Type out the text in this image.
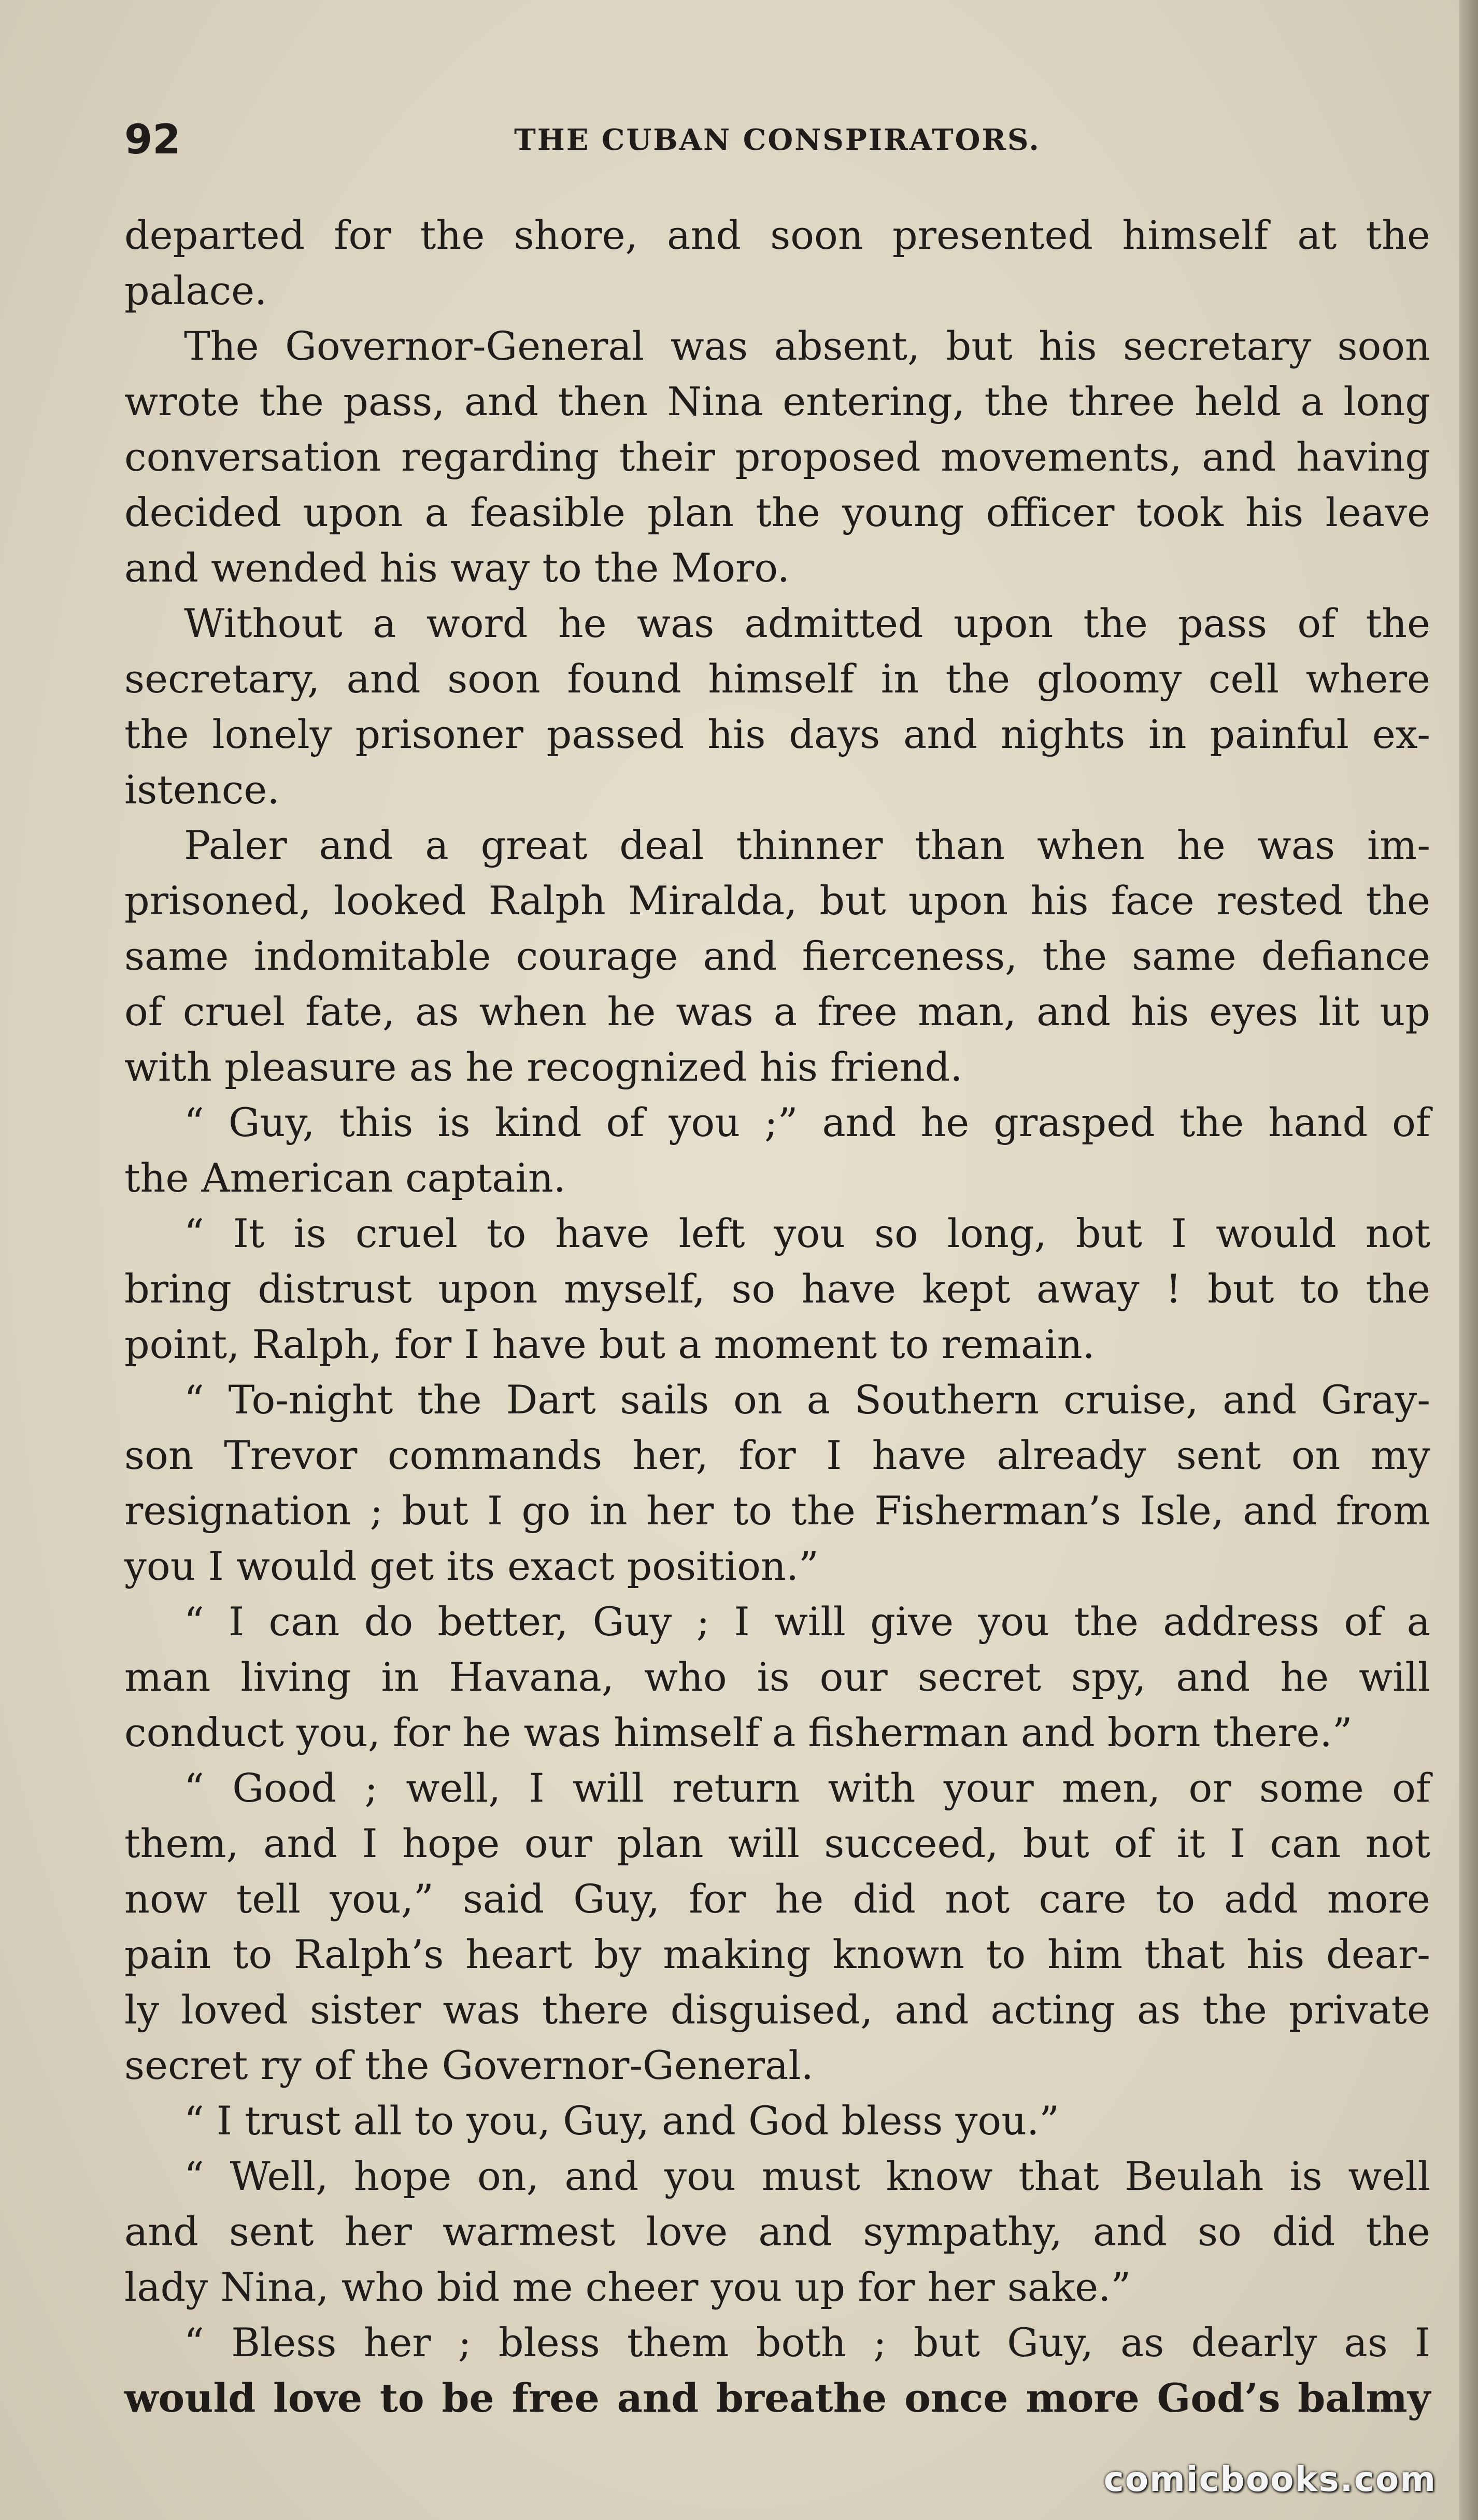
92	THE CUBAN CONSPIRATORS.
departed for the shore, and soon presented himself at the
palace.
The Governor-General was absent, but his secretary soon
wrote the pass, and then Nina entering, the three held a long
conversation regarding their proposed movements, and having
decided upon a feasible plan the young officer took his leave
and wended his way to the Moro.
Without a word he was admitted upon the pass of the
secretary, and soon found himself in the gloomy cell where
the lonely prisoner passed his days and nights in painful ex-
istence.
Paler and a great deal thinner than when he was im-
prisoned, looked Ralph Miralda, but upon his face rested the
same indomitable courage and fierceness, the same defiance
of cruel fate, as when he was a free man, and his eyes lit up
with pleasure as he recognized his friend.
“ Guy, this is kind of you ;” and he grasped the hand of
the American captain.
“ It is cruel to have left you so long, but I would not
bring distrust upon myself, so have kept away ! but to the
point, Ralph, for I have but a moment to remain.
“ To-night the Dart sails on a Southern cruise, and Gray-
son Trevor commands her, for I have already sent on my
resignation ; but I go in her to the Fisherman’s Isle, and from
you I would get its exact position.”
“ I can do better, Guy ; I will give you the address of a
man living in Havana, who is our secret spy, and he will
conduct you, for he was himself a fisherman and born there.”
“ Good ; well, I will return with your men, or some of
them, and I hope our plan will succeed, but of it I can not
now tell you,” said Guy, for he did not care to add more
pain to Ralph’s heart by making known to him that his dear-
ly loved sister was there disguised, and acting as the private
secret ry of the Governor-General.
“ I trust all to you, Guy, and God bless you.”
“ Well, hope on, and you must know that Beulah is well
and sent her warmest love and sympathy, and so did the
lady Nina, who bid me cheer you up for her sake.”
“ Bless her ; bless them both ; but Guy, as dearly as I
would love to be free and breathe once more God’s balmy
comicbooks.com
